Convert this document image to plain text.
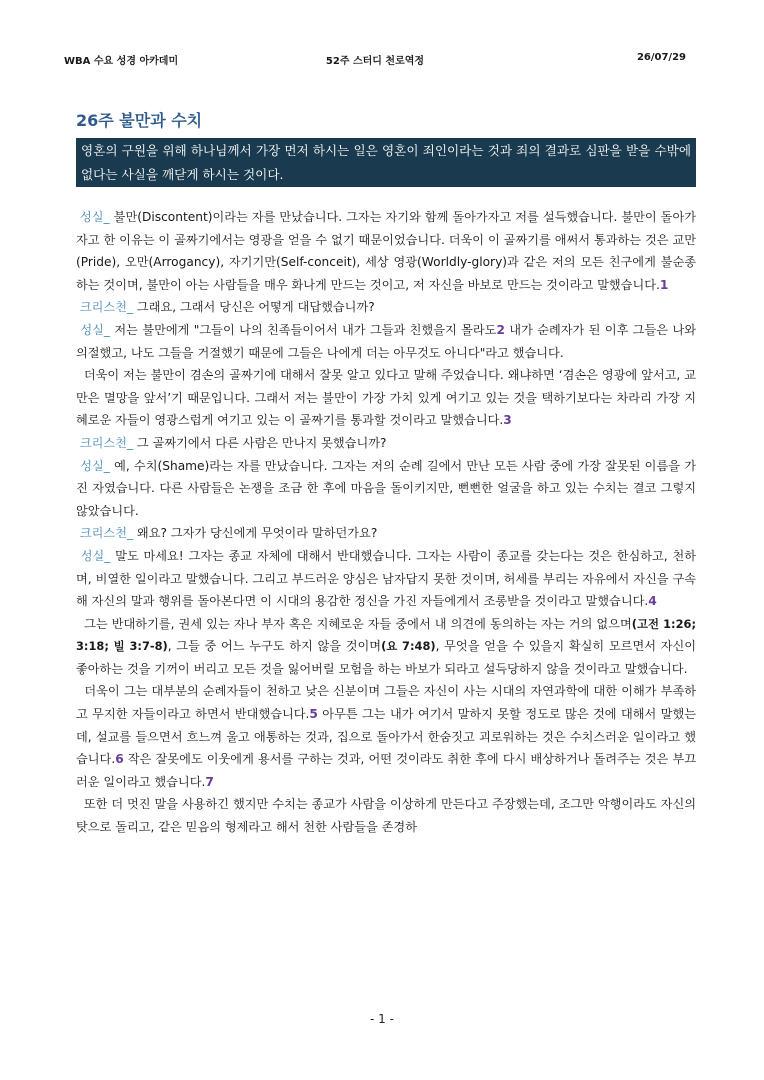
WBA 수요 성경 아카데미	52주 스터디 천로역정	26/07/29
26주 불만과 수치
영혼의 구원을 위해 하나님께서 가장 먼저 하시는 일은 영혼이 죄인이라는 것과 죄의 결과로 심판을 받을 수밖에 없다는 사실을 깨닫게 하시는 것이다.

성실_ 불만(Discontent)이라는 자를 만났습니다. 그자는 자기와 함께 돌아가자고 저를 설득했습니다. 불만이 돌아가자고 한 이유는 이 골짜기에서는 영광을 얻을 수 없기 때문이었습니다. 더욱이 이 골짜기를 애써서 통과하는 것은 교만(Pride), 오만(Arrogancy), 자기기만(Self-conceit), 세상 영광(Worldly-glory)과 같은 저의 모든 친구에게 불순종하는 것이며, 불만이 아는 사람들을 매우 화나게 만드는 것이고, 저 자신을 바보로 만드는 것이라고 말했습니다.1

크리스천_ 그래요, 그래서 당신은 어떻게 대답했습니까?

성실_ 저는 불만에게 "그들이 나의 친족들이어서 내가 그들과 친했을지 몰라도2 내가 순례자가 된 이후 그들은 나와 의절했고, 나도 그들을 거절했기 때문에 그들은 나에게 더는 아무것도 아니다"라고 했습니다.

더욱이 저는 불만이 겸손의 골짜기에 대해서 잘못 알고 있다고 말해 주었습니다. 왜냐하면 ‘겸손은 영광에 앞서고, 교만은 멸망을 앞서’기 때문입니다. 그래서 저는 불만이 가장 가치 있게 여기고 있는 것을 택하기보다는 차라리 가장 지혜로운 자들이 영광스럽게 여기고 있는 이 골짜기를 통과할 것이라고 말했습니다.3

크리스천_ 그 골짜기에서 다른 사람은 만나지 못했습니까?

성실_ 예, 수치(Shame)라는 자를 만났습니다. 그자는 저의 순례 길에서 만난 모든 사람 중에 가장 잘못된 이름을 가진 자였습니다. 다른 사람들은 논쟁을 조금 한 후에 마음을 돌이키지만, 뻔뻔한 얼굴을 하고 있는 수치는 결코 그렇지 않았습니다.

크리스천_ 왜요? 그자가 당신에게 무엇이라 말하던가요?

성실_ 말도 마세요! 그자는 종교 자체에 대해서 반대했습니다. 그자는 사람이 종교를 갖는다는 것은 한심하고, 천하며, 비열한 일이라고 말했습니다. 그리고 부드러운 양심은 남자답지 못한 것이며, 허세를 부리는 자유에서 자신을 구속해 자신의 말과 행위를 돌아본다면 이 시대의 용감한 정신을 가진 자들에게서 조롱받을 것이라고 말했습니다.4

그는 반대하기를, 권세 있는 자나 부자 혹은 지혜로운 자들 중에서 내 의견에 동의하는 자는 거의 없으며(고전 1:26; 3:18; 빌 3:7-8), 그들 중 어느 누구도 하지 않을 것이며(요 7:48), 무엇을 얻을 수 있을지 확실히 모르면서 자신이 좋아하는 것을 기꺼이 버리고 모든 것을 잃어버릴 모험을 하는 바보가 되라고 설득당하지 않을 것이라고 말했습니다.

더욱이 그는 대부분의 순례자들이 천하고 낮은 신분이며 그들은 자신이 사는 시대의 자연과학에 대한 이해가 부족하고 무지한 자들이라고 하면서 반대했습니다.5 아무튼 그는 내가 여기서 말하지 못할 정도로 많은 것에 대해서 말했는데, 설교를 들으면서 흐느껴 울고 애통하는 것과, 집으로 돌아가서 한숨짓고 괴로워하는 것은 수치스러운 일이라고 했습니다.6 작은 잘못에도 이웃에게 용서를 구하는 것과, 어떤 것이라도 취한 후에 다시 배상하거나 돌려주는 것은 부끄러운 일이라고 했습니다.7

또한 더 멋진 말을 사용하긴 했지만 수치는 종교가 사람을 이상하게 만든다고 주장했는데, 조그만 악행이라도 자신의 탓으로 돌리고, 같은 믿음의 형제라고 해서 천한 사람들을 존경하

- 1 -
